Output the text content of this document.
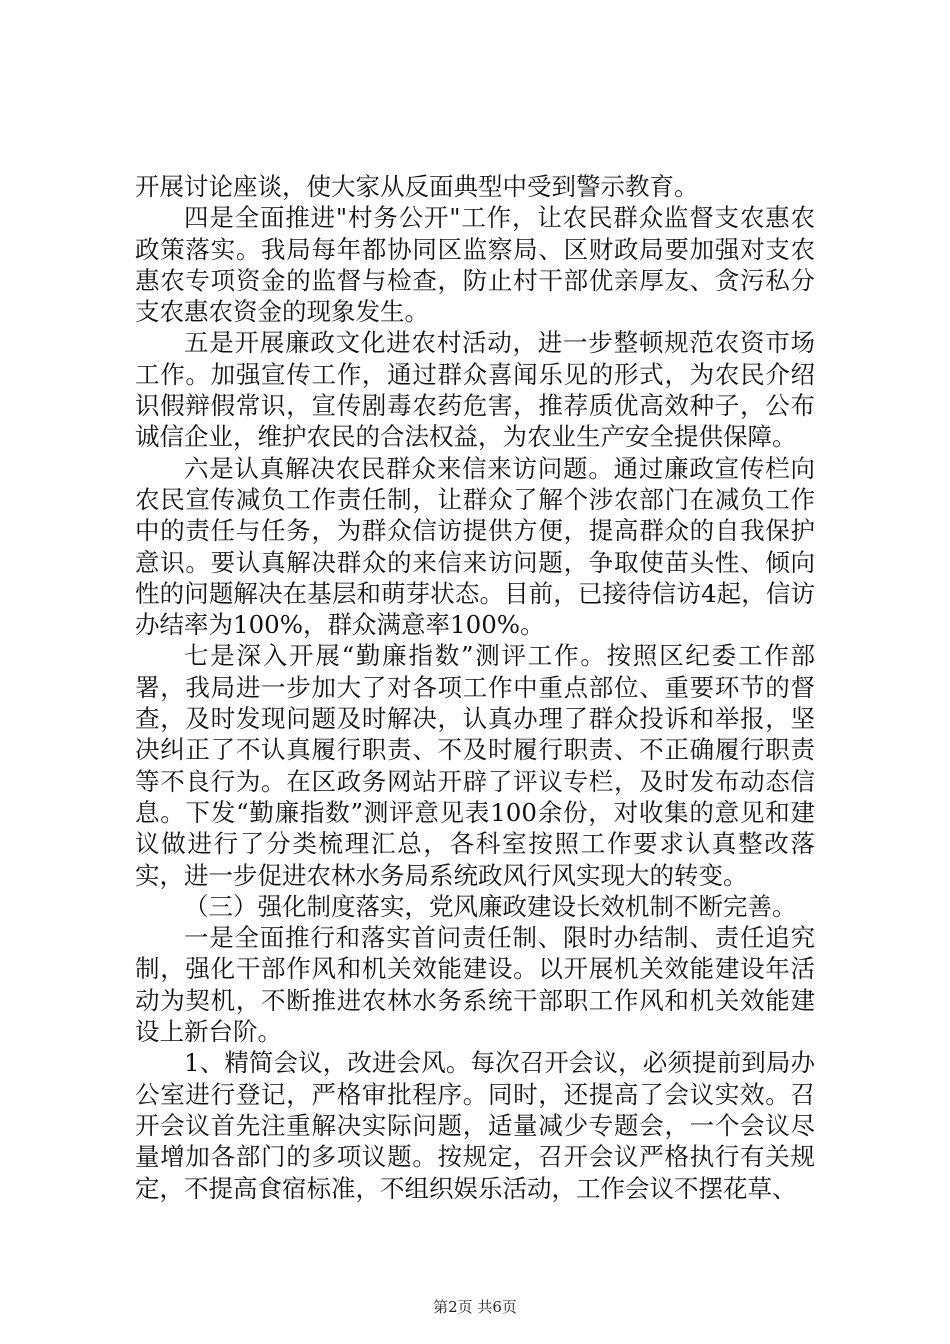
开展讨论座谈，使大家从反面典型中受到警示教育。

四是全面推进"村务公开"工作，让农民群众监督支农惠农政策落实。我局每年都协同区监察局、区财政局要加强对支农惠农专项资金的监督与检查，防止村干部优亲厚友、贪污私分支农惠农资金的现象发生。

五是开展廉政文化进农村活动，进一步整顿规范农资市场工作。加强宣传工作，通过群众喜闻乐见的形式，为农民介绍识假辩假常识，宣传剧毒农药危害，推荐质优高效种子，公布诚信企业，维护农民的合法权益，为农业生产安全提供保障。

六是认真解决农民群众来信来访问题。通过廉政宣传栏向农民宣传减负工作责任制，让群众了解个涉农部门在减负工作中的责任与任务，为群众信访提供方便，提高群众的自我保护意识。要认真解决群众的来信来访问题，争取使苗头性、倾向性的问题解决在基层和萌芽状态。目前，已接待信访4起，信访办结率为100%，群众满意率100%。

七是深入开展“勤廉指数”测评工作。按照区纪委工作部署，我局进一步加大了对各项工作中重点部位、重要环节的督查，及时发现问题及时解决，认真办理了群众投诉和举报，坚决纠正了不认真履行职责、不及时履行职责、不正确履行职责等不良行为。在区政务网站开辟了评议专栏，及时发布动态信息。下发“勤廉指数”测评意见表100余份，对收集的意见和建议做进行了分类梳理汇总，各科室按照工作要求认真整改落实，进一步促进农林水务局系统政风行风实现大的转变。

（三）强化制度落实，党风廉政建设长效机制不断完善。

一是全面推行和落实首问责任制、限时办结制、责任追究制，强化干部作风和机关效能建设。以开展机关效能建设年活动为契机，不断推进农林水务系统干部职工作风和机关效能建设上新台阶。

1、精简会议，改进会风。每次召开会议，必须提前到局办公室进行登记，严格审批程序。同时，还提高了会议实效。召开会议首先注重解决实际问题，适量减少专题会，一个会议尽量增加各部门的多项议题。按规定，召开会议严格执行有关规定，不提高食宿标准，不组织娱乐活动，工作会议不摆花草、

第2页 共6页
